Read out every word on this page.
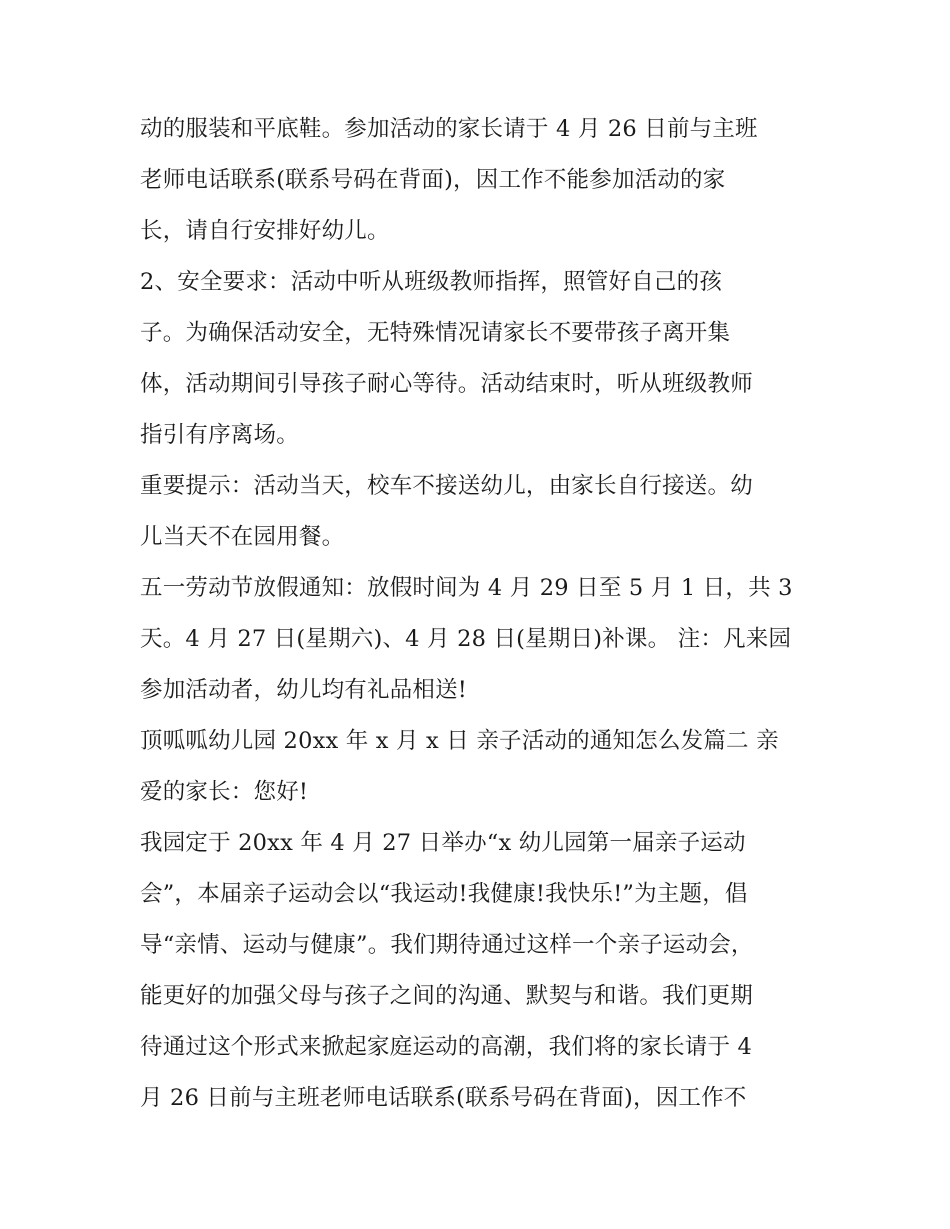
动的服装和平底鞋。参加活动的家长请于 4 月 26 日前与主班
老师电话联系(联系号码在背面)，因工作不能参加活动的家
长，请自行安排好幼儿。
2、安全要求：活动中听从班级教师指挥，照管好自己的孩
子。为确保活动安全，无特殊情况请家长不要带孩子离开集
体，活动期间引导孩子耐心等待。活动结束时，听从班级教师
指引有序离场。
重要提示：活动当天，校车不接送幼儿，由家长自行接送。幼
儿当天不在园用餐。
五一劳动节放假通知：放假时间为 4 月 29 日至 5 月 1 日，共 3
天。4 月 27 日(星期六)、4 月 28 日(星期日)补课。 注：凡来园
参加活动者，幼儿均有礼品相送!
顶呱呱幼儿园 20xx 年 x 月 x 日 亲子活动的通知怎么发篇二 亲
爱的家长：您好!
我园定于 20xx 年 4 月 27 日举办“x 幼儿园第一届亲子运动
会”，本届亲子运动会以“我运动!我健康!我快乐!”为主题，倡
导“亲情、运动与健康”。我们期待通过这样一个亲子运动会，
能更好的加强父母与孩子之间的沟通、默契与和谐。我们更期
待通过这个形式来掀起家庭运动的高潮，我们将的家长请于 4
月 26 日前与主班老师电话联系(联系号码在背面)，因工作不
